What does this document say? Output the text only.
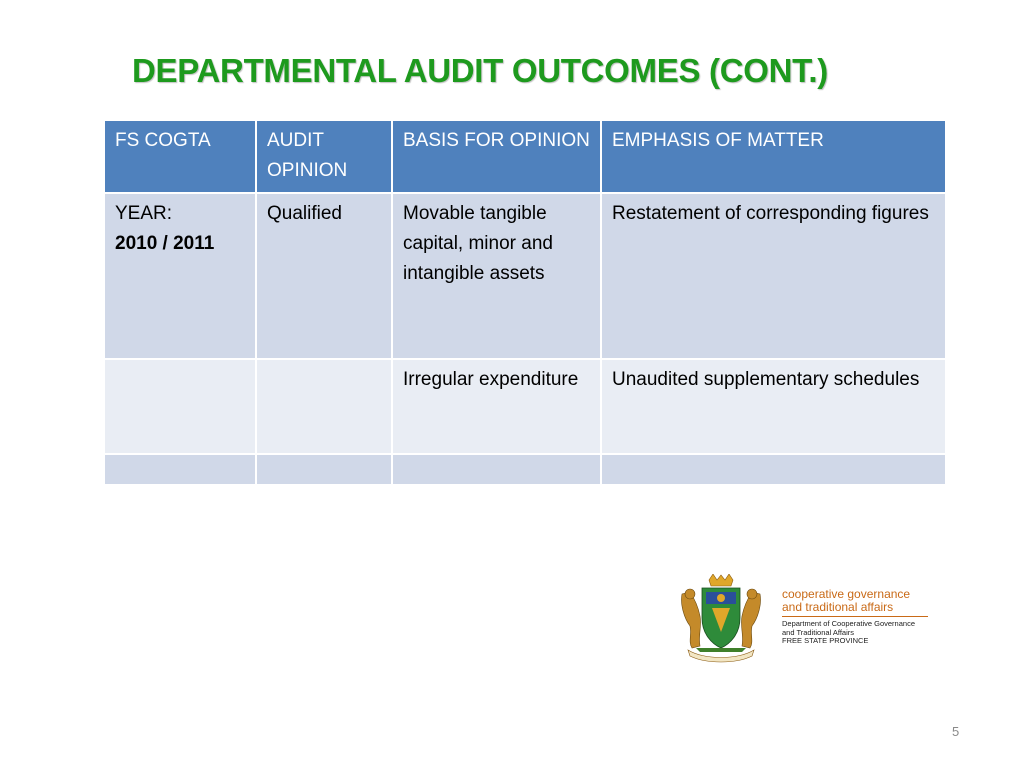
DEPARTMENTAL AUDIT OUTCOMES (CONT.)
FS COGTA	AUDIT OPINION	BASIS FOR OPINION	EMPHASIS OF MATTER
YEAR:
2010 / 2011	Qualified	Movable tangible capital, minor and intangible assets	Restatement of corresponding figures
		Irregular expenditure	Unaudited supplementary schedules

cooperative governance
and traditional affairs
Department of Cooperative Governance
and Traditional Affairs
FREE STATE PROVINCE
5
